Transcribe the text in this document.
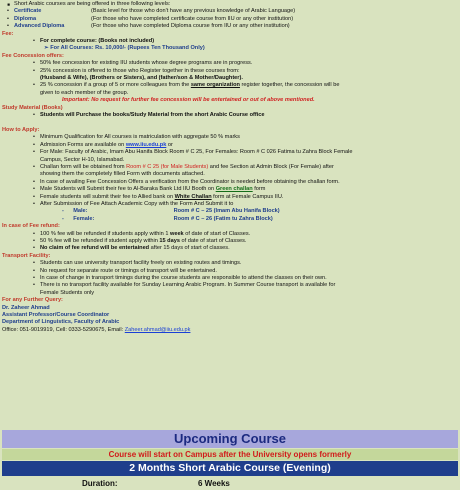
■ Short Arabic courses are being offered in three following levels:
• Certificate	(Basic level for those who don't have any previous knowledge of Arabic Language)
• Diploma	(For those who have completed certificate course from IIU or any other institution)
• Advanced Diploma	(For those who have completed Diploma course from IIU or any other institution)
Fee:
• For complete course: (Books not included)
➢ For All Courses: Rs. 10,000/- (Rupees Ten Thousand Only)
Fee Concession offers:
• 50% fee concession for existing IIU students whose degree programs are in progress.
• 25% concession is offered to those who Register together in these courses from:
(Husband & Wife), (Brothers or Sisters), and (father/son & Mother/Daughter).
• 25 % concession if a group of 5 or more colleagues from the same organization register together, the concession will be
given to each member of the group.
Important: No request for further fee concession will be entertained or out of above mentioned.
Study Material (Books)
• Students will Purchase the books/Study Material from the short Arabic Course office
How to Apply:
• Minimum Qualification for All courses is matriculation with aggregate 50 % marks
• Admission Forms are available on www.iiu.edu.pk or
• For Male: Faculty of Arabic, Imam Abu Hanifa Block Room # C 25, For Females: Room # C 026 Fatima tu Zahra Block Female
Campus, Sector H-10, Islamabad.
• Challan form will be obtained from Room # C 25 (for Male Students) and fee Section at Admin Block (For Female) after
showing them the completely filled Form with documents attached.
• In case of availing Fee Concession Offers a verification from the Coordinator is needed before obtaining the challan form.
• Male Students will Submit their fee to Al-Baraka Bank Ltd IIU Booth on Green challan form
• Female students will submit their fee to Allied bank on White Challan form at Female Campus IIU.
• After Submission of Fee Attach Academic Copy with the Form And Submit it to
-      Male:	Room # C – 25 (Imam Abu Hanifa Block)
-      Female:	Room # C – 26 (Fatim tu Zahra Block)
In case of Fee refund:
• 100 % fee will be refunded if students apply within 1 week of date of start of Classes.
• 50 % fee will be refunded if student apply within 15 days of date of start of Classes.
• No claim of fee refund will be entertained after 15 days of start of classes.
Transport Facility:
• Students can use university transport facility freely on existing routes and timings.
• No request for separate route or timings of transport will be entertained.
• In case of change in transport timings during the course students are responsible to attend the classes on their own.
• There is no transport facility available for Sunday Learning Arabic Program. In Summer Course transport is available for
Female Students only
For any Further Query:
Dr. Zaheer Ahmad
Assistant Professor/Course Coordinator
Department of Linguistics, Faculty of Arabic
Office: 051-9019919, Cell: 0333-5290675, Email: Zaheer.ahmad@iiu.edu.pk
Upcoming Course
Course will start on Campus after the University opens formerly
2 Months Short Arabic Course (Evening)
Duration:	6 Weeks
